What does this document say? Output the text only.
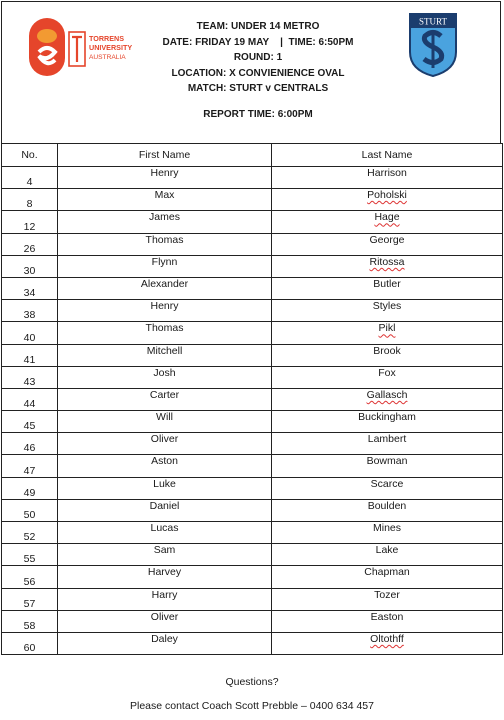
TORRENS
UNIVERSITY
AUSTRALIA
TEAM: UNDER 14 METRO
DATE: FRIDAY 19 MAY    |  TIME: 6:50PM
ROUND: 1
LOCATION: X CONVIENIENCE OVAL
MATCH: STURT v CENTRALS
STURT
REPORT TIME: 6:00PM
No.	First Name	Last Name
4	Henry	Harrison
8	Max	Poholski
12	James	Hage
26	Thomas	George
30	Flynn	Ritossa
34	Alexander	Butler
38	Henry	Styles
40	Thomas	Pikl
41	Mitchell	Brook
43	Josh	Fox
44	Carter	Gallasch
45	Will	Buckingham
46	Oliver	Lambert
47	Aston	Bowman
49	Luke	Scarce
50	Daniel	Boulden
52	Lucas	Mines
55	Sam	Lake
56	Harvey	Chapman
57	Harry	Tozer
58	Oliver	Easton
60	Daley	Oltothff
Questions?
Please contact Coach Scott Prebble – 0400 634 457
